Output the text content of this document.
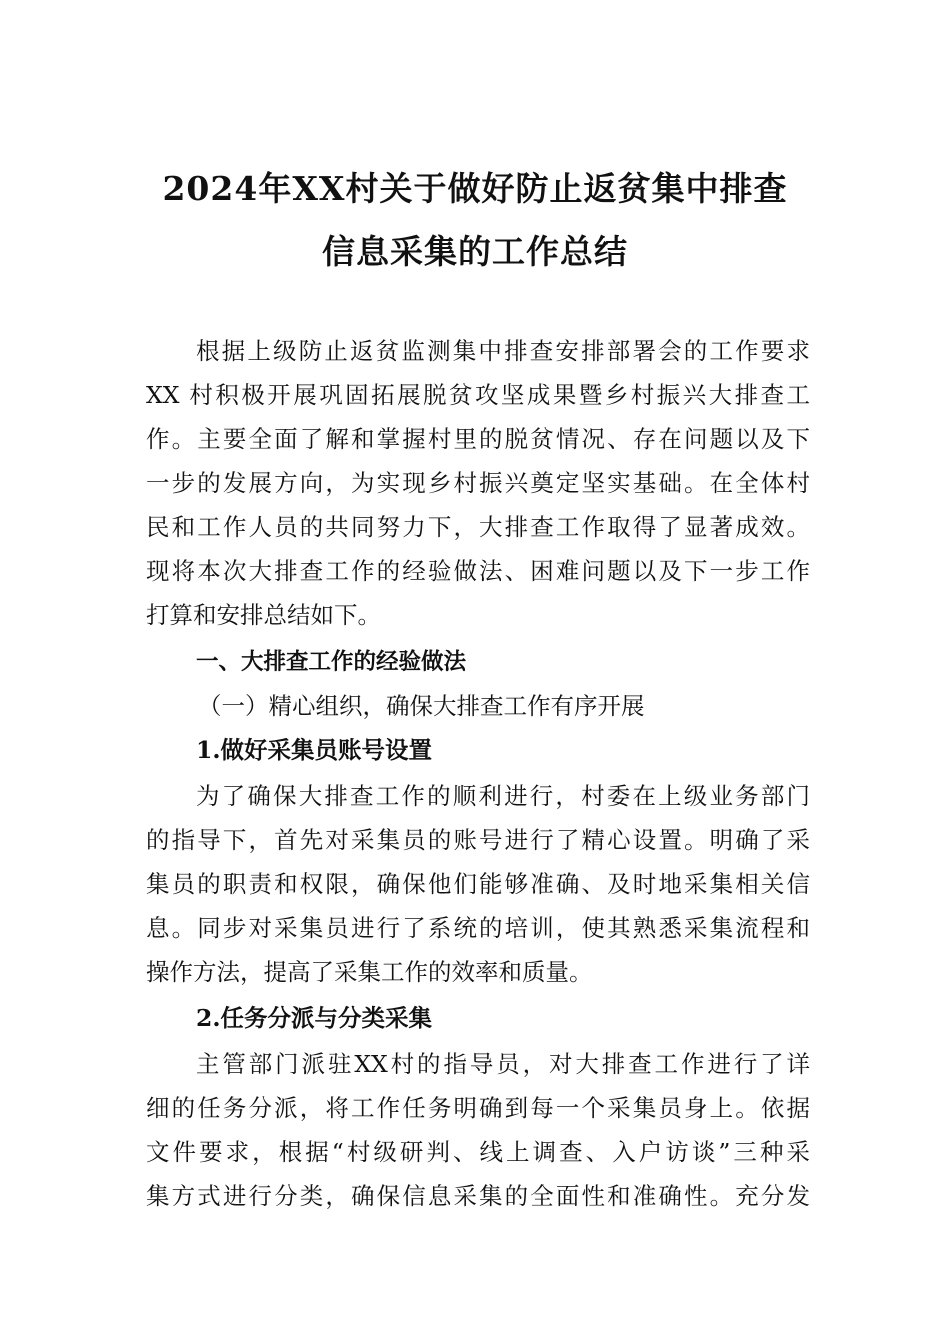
2024年XX村关于做好防止返贫集中排查
信息采集的工作总结
根据上级防止返贫监测集中排查安排部署会的工作要求
XX 村积极开展巩固拓展脱贫攻坚成果暨乡村振兴大排查工
作。主要全面了解和掌握村里的脱贫情况、存在问题以及下
一步的发展方向，为实现乡村振兴奠定坚实基础。在全体村
民和工作人员的共同努力下，大排查工作取得了显著成效。
现将本次大排查工作的经验做法、困难问题以及下一步工作
打算和安排总结如下。
一、大排查工作的经验做法
（一）精心组织，确保大排查工作有序开展
1.做好采集员账号设置
为了确保大排查工作的顺利进行，村委在上级业务部门
的指导下，首先对采集员的账号进行了精心设置。明确了采
集员的职责和权限，确保他们能够准确、及时地采集相关信
息。同步对采集员进行了系统的培训，使其熟悉采集流程和
操作方法，提高了采集工作的效率和质量。
2.任务分派与分类采集
主管部门派驻XX村的指导员，对大排查工作进行了详
细的任务分派，将工作任务明确到每一个采集员身上。依据
文件要求，根据“村级研判、线上调查、入户访谈”三种采
集方式进行分类，确保信息采集的全面性和准确性。充分发
